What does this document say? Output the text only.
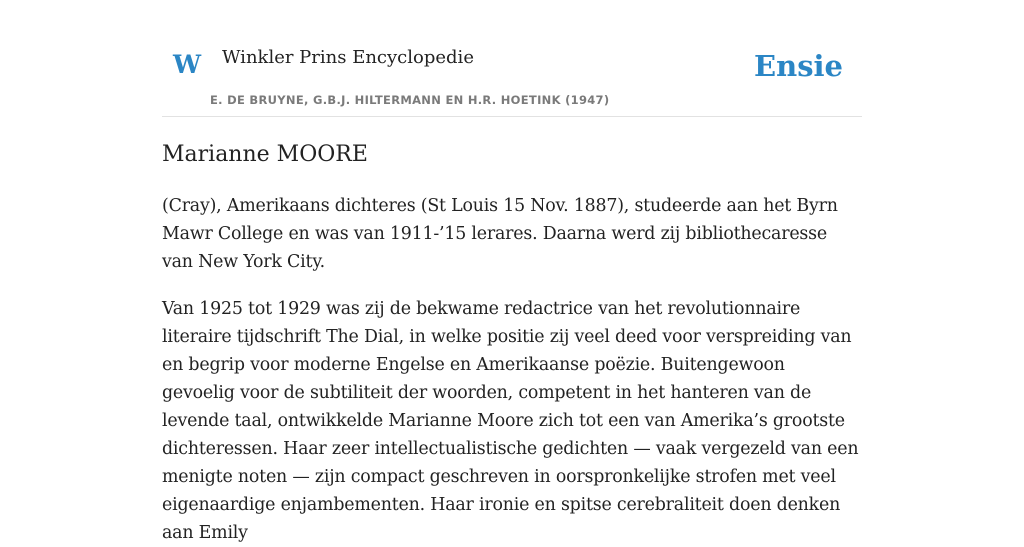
W Winkler Prins Encyclopedie
E. DE BRUYNE, G.B.J. HILTERMANN EN H.R. HOETINK (1947)
Ensie
Marianne MOORE

(Cray), Amerikaans dichteres (St Louis 15 Nov. 1887), studeerde aan het Byrn Mawr College en was van 1911-’15 lerares. Daarna werd zij bibliothecaresse van New York City.

Van 1925 tot 1929 was zij de bekwame redactrice van het revolutionnaire literaire tijdschrift The Dial, in welke positie zij veel deed voor verspreiding van en begrip voor moderne Engelse en Amerikaanse poëzie. Buitengewoon gevoelig voor de subtiliteit der woorden, competent in het hanteren van de levende taal, ontwikkelde Marianne Moore zich tot een van Amerika’s grootste dichteressen. Haar zeer intellectualistische gedichten — vaak vergezeld van een menigte noten — zijn compact geschreven in oorspronkelijke strofen met veel eigenaardige enjambementen. Haar ironie en spitse cerebraliteit doen denken aan Emily
